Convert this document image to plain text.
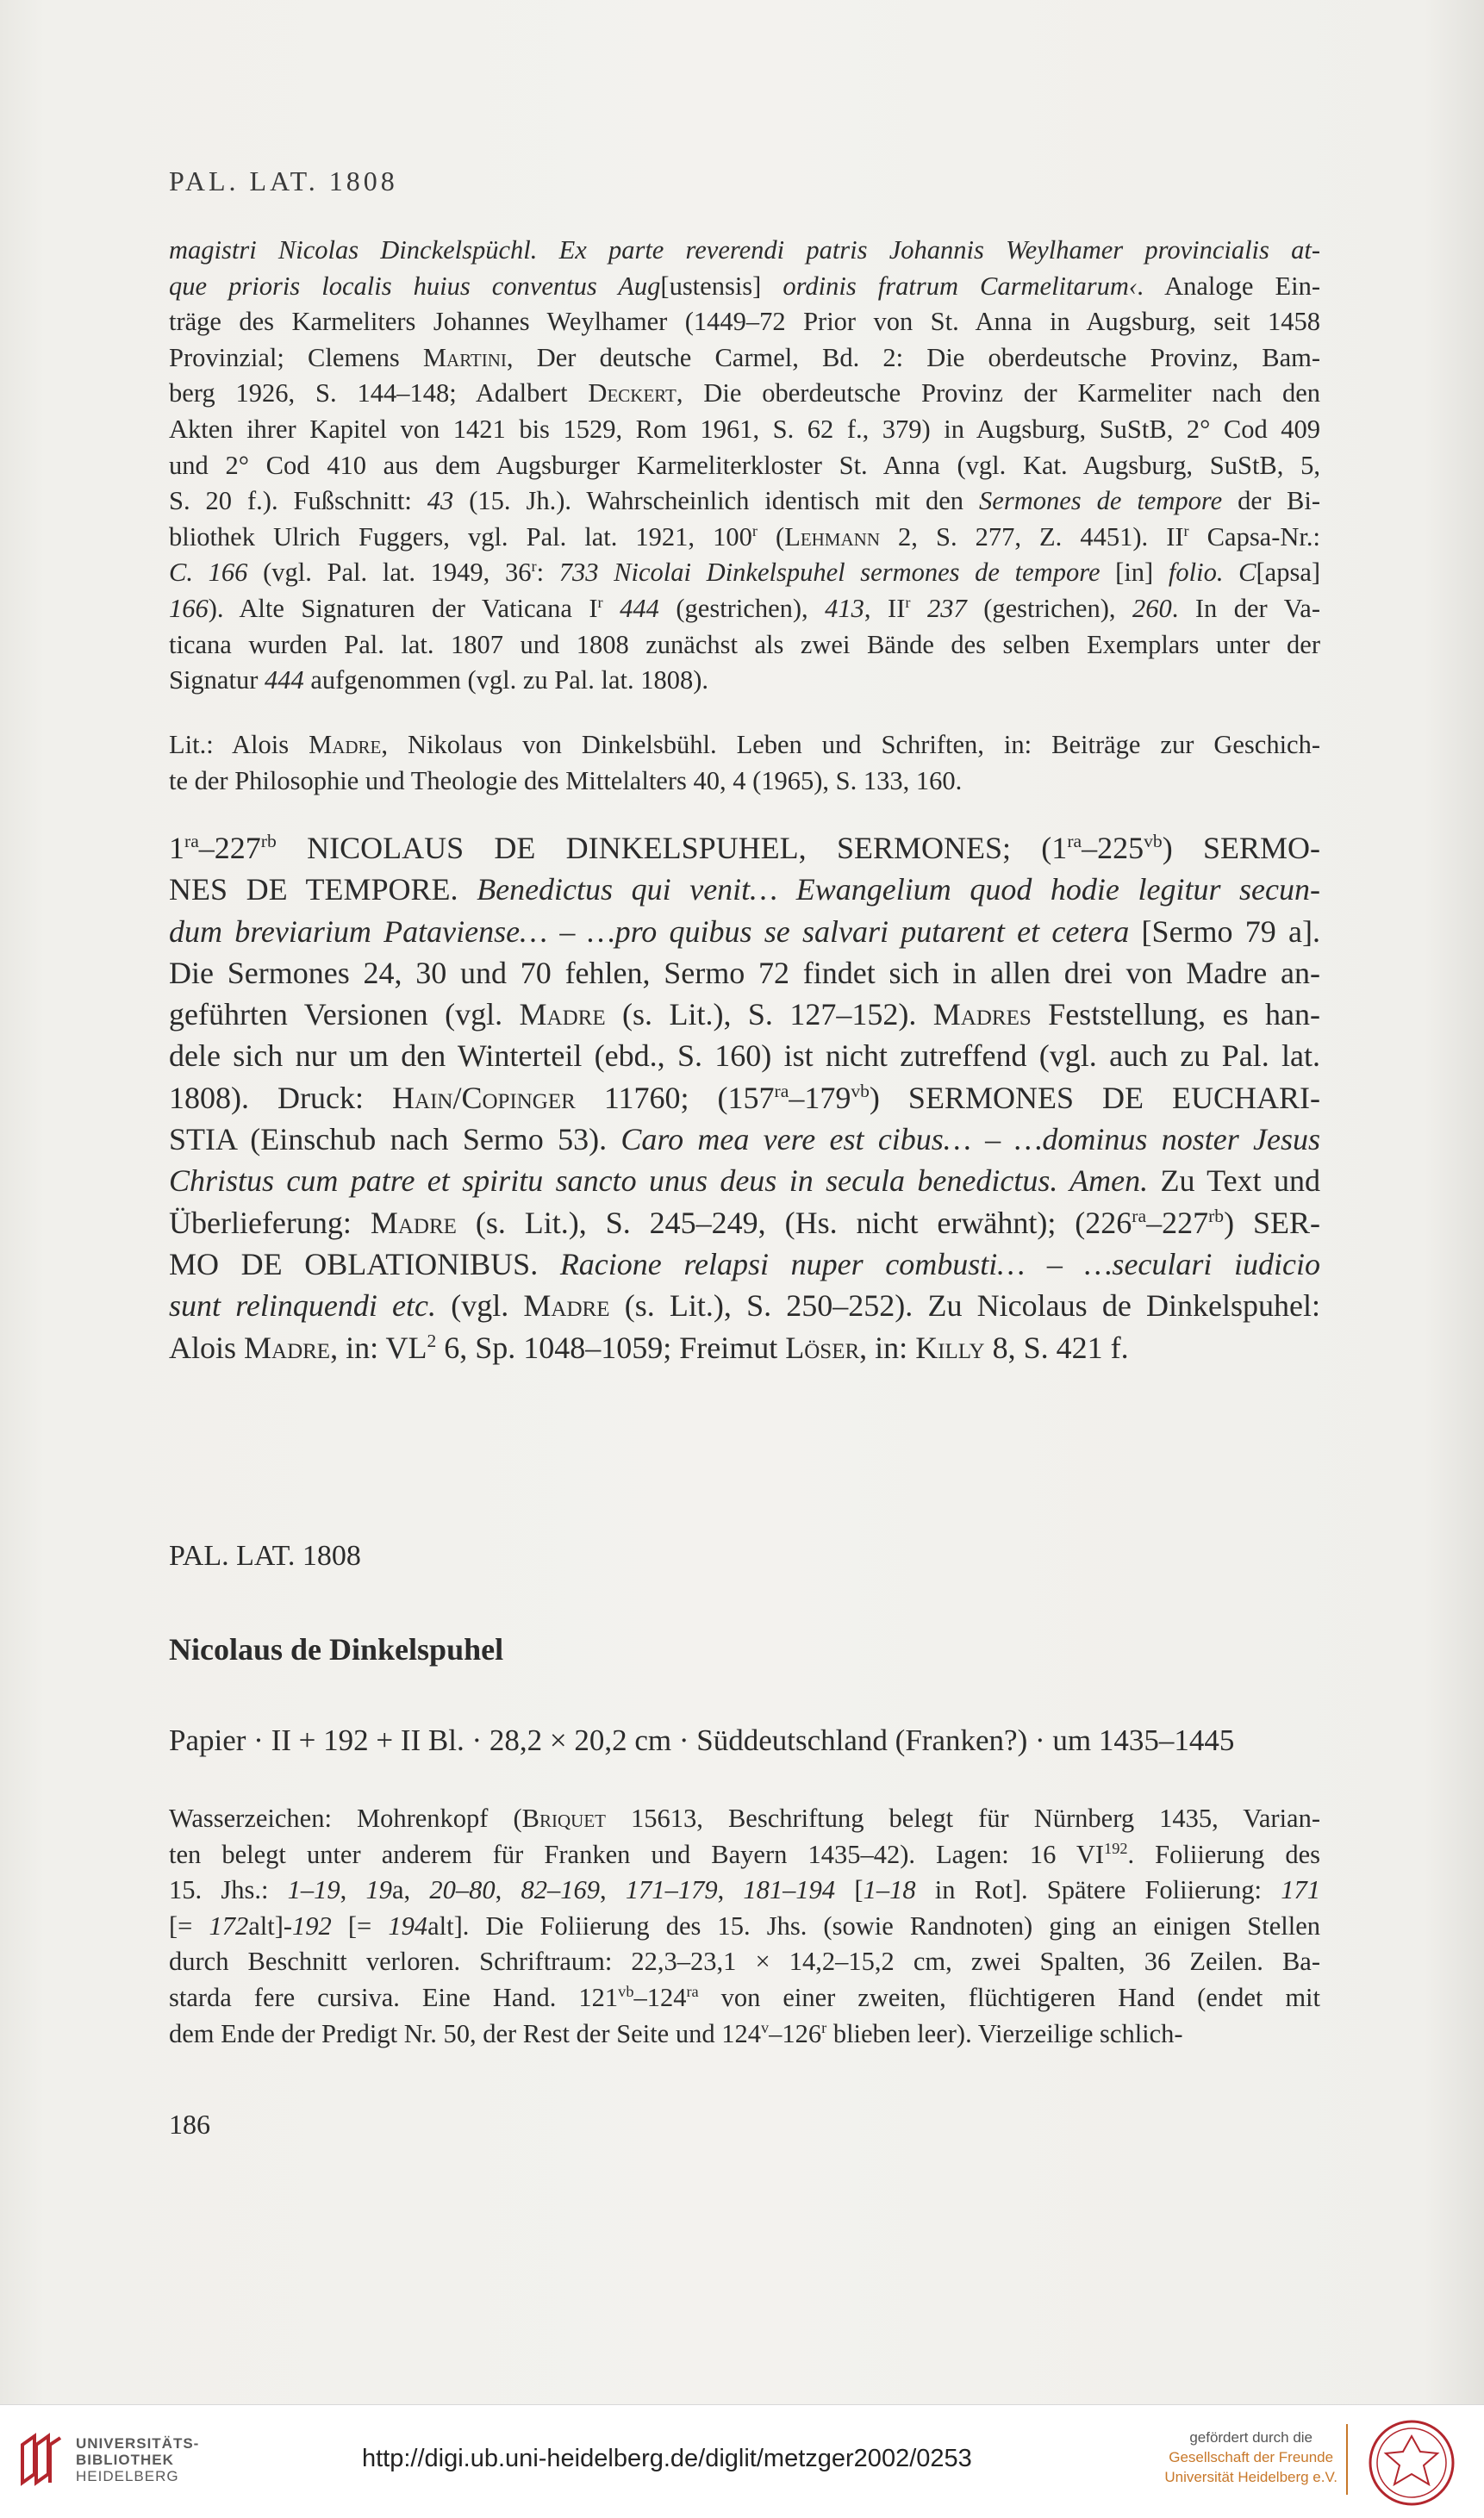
PAL. LAT. 1808
magistri Nicolas Dinckelspüchl. Ex parte reverendi patris Johannis Weylhamer provincialis at-
que prioris localis huius conventus Aug[ustensis] ordinis fratrum Carmelitarum‹. Analoge Ein-
träge des Karmeliters Johannes Weylhamer (1449–72 Prior von St. Anna in Augsburg, seit 1458
Provinzial; Clemens Martini, Der deutsche Carmel, Bd. 2: Die oberdeutsche Provinz, Bam-
berg 1926, S. 144–148; Adalbert Deckert, Die oberdeutsche Provinz der Karmeliter nach den
Akten ihrer Kapitel von 1421 bis 1529, Rom 1961, S. 62 f., 379) in Augsburg, SuStB, 2° Cod 409
und 2° Cod 410 aus dem Augsburger Karmeliterkloster St. Anna (vgl. Kat. Augsburg, SuStB, 5,
S. 20 f.). Fußschnitt: 43 (15. Jh.). Wahrscheinlich identisch mit den Sermones de tempore der Bi-
bliothek Ulrich Fuggers, vgl. Pal. lat. 1921, 100$^r$ (Lehmann 2, S. 277, Z. 4451). $II^r$ Capsa-Nr.:
C. 166 (vgl. Pal. lat. 1949, 36$^r$: 733 Nicolai Dinkelspuhel sermones de tempore [in] folio. C[apsa]
166). Alte Signaturen der Vaticana $I^r$ 444 (gestrichen), 413, $II^r$ 237 (gestrichen), 260. In der Va-
ticana wurden Pal. lat. 1807 und 1808 zunächst als zwei Bände des selben Exemplars unter der
Signatur 444 aufgenommen (vgl. zu Pal. lat. 1808).
Lit.: Alois Madre, Nikolaus von Dinkelsbühl. Leben und Schriften, in: Beiträge zur Geschich-
te der Philosophie und Theologie des Mittelalters 40, 4 (1965), S. 133, 160.
$1^{ra}-227^{rb}$ NICOLAUS DE DINKELSPUHEL, SERMONES; $(1^{ra}-225^{vb})$ SERMO-
NES DE TEMPORE. Benedictus qui venit… Ewangelium quod hodie legitur secun-
dum breviarium Pataviense… – …pro quibus se salvari putarent et cetera [Sermo 79 a].
Die Sermones 24, 30 und 70 fehlen, Sermo 72 findet sich in allen drei von Madre an-
geführten Versionen (vgl. Madre (s. Lit.), S. 127–152). Madres Feststellung, es han-
dele sich nur um den Winterteil (ebd., S. 160) ist nicht zutreffend (vgl. auch zu Pal. lat.
1808). Druck: Hain/Copinger 11760; $(157^{ra}-179^{vb})$ SERMONES DE EUCHARI-
STIA (Einschub nach Sermo 53). Caro mea vere est cibus… – …dominus noster Jesus
Christus cum patre et spiritu sancto unus deus in secula benedictus. Amen. Zu Text und
Überlieferung: Madre (s. Lit.), S. 245–249, (Hs. nicht erwähnt); $(226^{ra}-227^{rb})$ SER-
MO DE OBLATIONIBUS. Racione relapsi nuper combusti… – …seculari iudicio
sunt relinquendi etc. (vgl. Madre (s. Lit.), S. 250–252). Zu Nicolaus de Dinkelspuhel:
Alois Madre, in: $VL^2$ 6, Sp. 1048–1059; Freimut Löser, in: Killy 8, S. 421 f.
PAL. LAT. 1808
Nicolaus de Dinkelspuhel
Papier · II + 192 + II Bl. · 28,2 × 20,2 cm · Süddeutschland (Franken?) · um 1435–1445
Wasserzeichen: Mohrenkopf (Briquet 15613, Beschriftung belegt für Nürnberg 1435, Varian-
ten belegt unter anderem für Franken und Bayern 1435–42). Lagen: 16 VI$^{192}$. Foliierung des
15. Jhs.: 1–19, 19a, 20–80, 82–169, 171–179, 181–194 [1–18 in Rot]. Spätere Foliierung: 171
[= 172alt]-192 [= 194alt]. Die Foliierung des 15. Jhs. (sowie Randnoten) ging an einigen Stellen
durch Beschnitt verloren. Schriftraum: 22,3–23,1 × 14,2–15,2 cm, zwei Spalten, 36 Zeilen. Ba-
starda fere cursiva. Eine Hand. $121^{vb}-124^{ra}$ von einer zweiten, flüchtigeren Hand (endet mit
dem Ende der Predigt Nr. 50, der Rest der Seite und 124$^v$–126$^r$ blieben leer). Vierzeilige schlich-
186
UNIVERSITÄTS-
BIBLIOTHEK
HEIDELBERG
http://digi.ub.uni-heidelberg.de/diglit/metzger2002/0253
gefördert durch die
Gesellschaft der Freunde
Universität Heidelberg e.V.
